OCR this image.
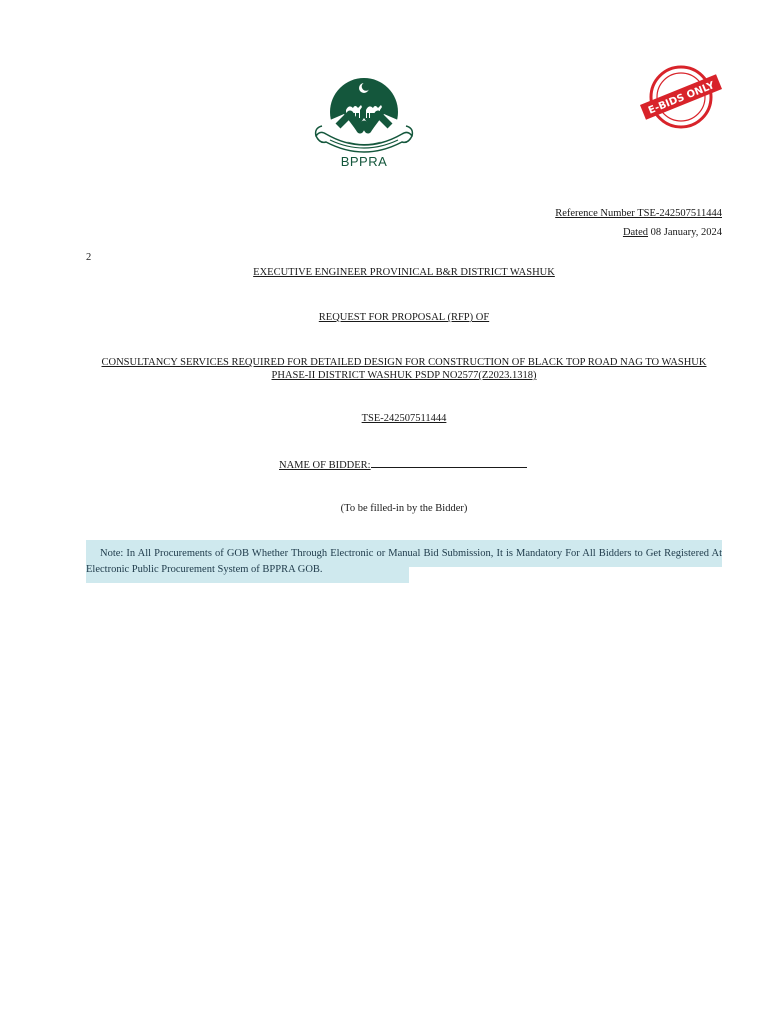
BPPRA
E-BIDS ONLY
Reference Number TSE-242507511444
Dated 08 January, 2024
2
EXECUTIVE ENGINEER PROVINICAL B&R DISTRICT WASHUK
REQUEST FOR PROPOSAL (RFP) OF
CONSULTANCY SERVICES REQUIRED FOR DETAILED DESIGN FOR CONSTRUCTION OF BLACK TOP ROAD NAG TO WASHUK
PHASE-II DISTRICT WASHUK PSDP NO2577(Z2023.1318)
TSE-242507511444
NAME OF BIDDER:
(To be filled-in by the Bidder)
Note: In All Procurements of GOB Whether Through Electronic or Manual Bid Submission, It is Mandatory For All Bidders to Get Registered At Electronic Public Procurement System of BPPRA GOB.
